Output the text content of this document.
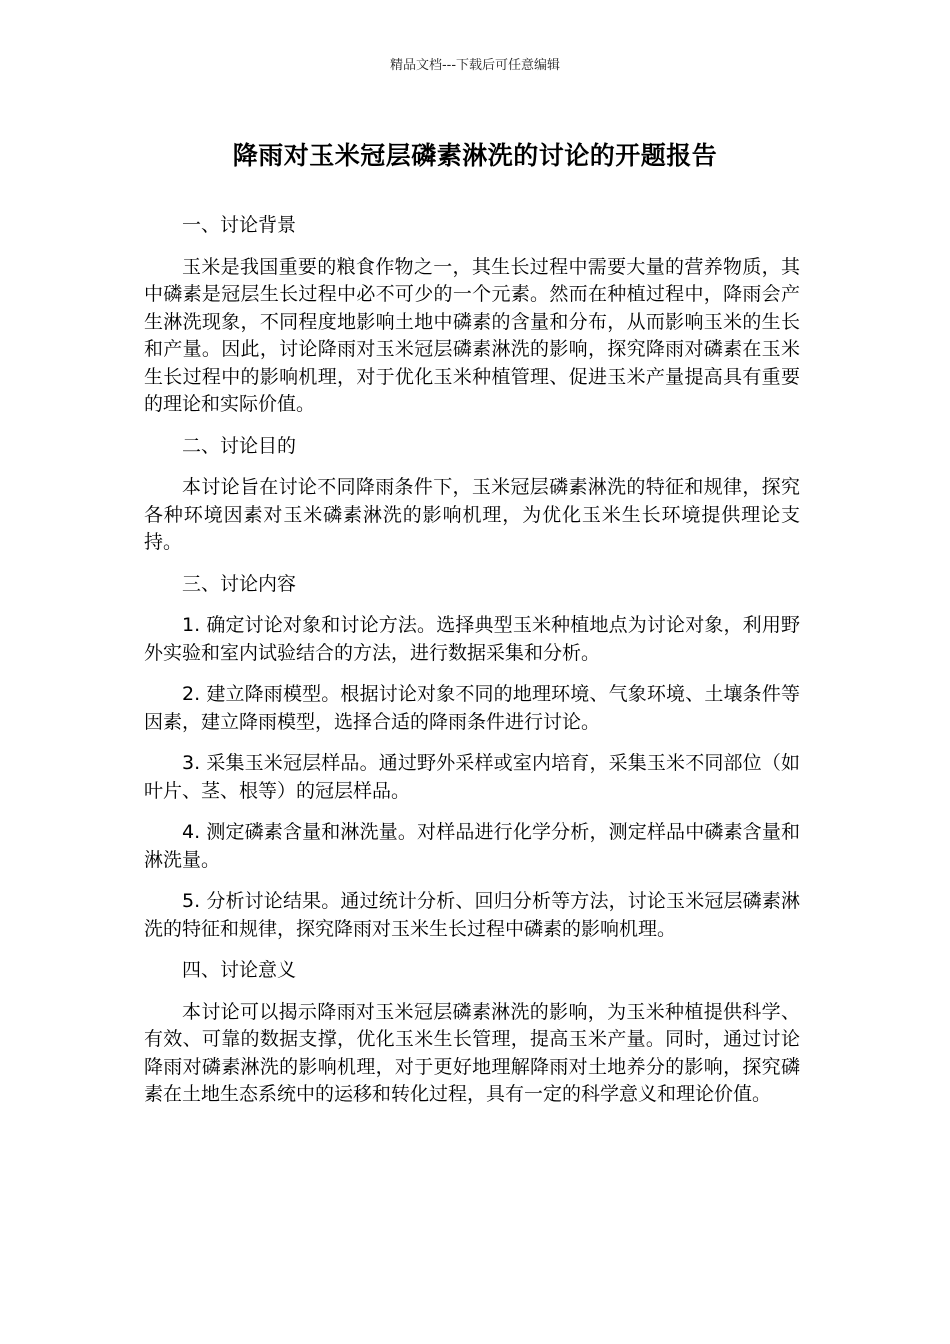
精品文档---下载后可任意编辑
降雨对玉米冠层磷素淋洗的讨论的开题报告

一、讨论背景

玉米是我国重要的粮食作物之一，其生长过程中需要大量的营养物质，其中磷素是冠层生长过程中必不可少的一个元素。然而在种植过程中，降雨会产生淋洗现象，不同程度地影响土地中磷素的含量和分布，从而影响玉米的生长和产量。因此，讨论降雨对玉米冠层磷素淋洗的影响，探究降雨对磷素在玉米生长过程中的影响机理，对于优化玉米种植管理、促进玉米产量提高具有重要的理论和实际价值。

二、讨论目的

本讨论旨在讨论不同降雨条件下，玉米冠层磷素淋洗的特征和规律，探究各种环境因素对玉米磷素淋洗的影响机理，为优化玉米生长环境提供理论支持。

三、讨论内容

1. 确定讨论对象和讨论方法。选择典型玉米种植地点为讨论对象，利用野外实验和室内试验结合的方法，进行数据采集和分析。

2. 建立降雨模型。根据讨论对象不同的地理环境、气象环境、土壤条件等因素，建立降雨模型，选择合适的降雨条件进行讨论。

3. 采集玉米冠层样品。通过野外采样或室内培育，采集玉米不同部位（如叶片、茎、根等）的冠层样品。

4. 测定磷素含量和淋洗量。对样品进行化学分析，测定样品中磷素含量和淋洗量。

5. 分析讨论结果。通过统计分析、回归分析等方法，讨论玉米冠层磷素淋洗的特征和规律，探究降雨对玉米生长过程中磷素的影响机理。

四、讨论意义

本讨论可以揭示降雨对玉米冠层磷素淋洗的影响，为玉米种植提供科学、有效、可靠的数据支撑，优化玉米生长管理，提高玉米产量。同时，通过讨论降雨对磷素淋洗的影响机理，对于更好地理解降雨对土地养分的影响，探究磷素在土地生态系统中的运移和转化过程，具有一定的科学意义和理论价值。
